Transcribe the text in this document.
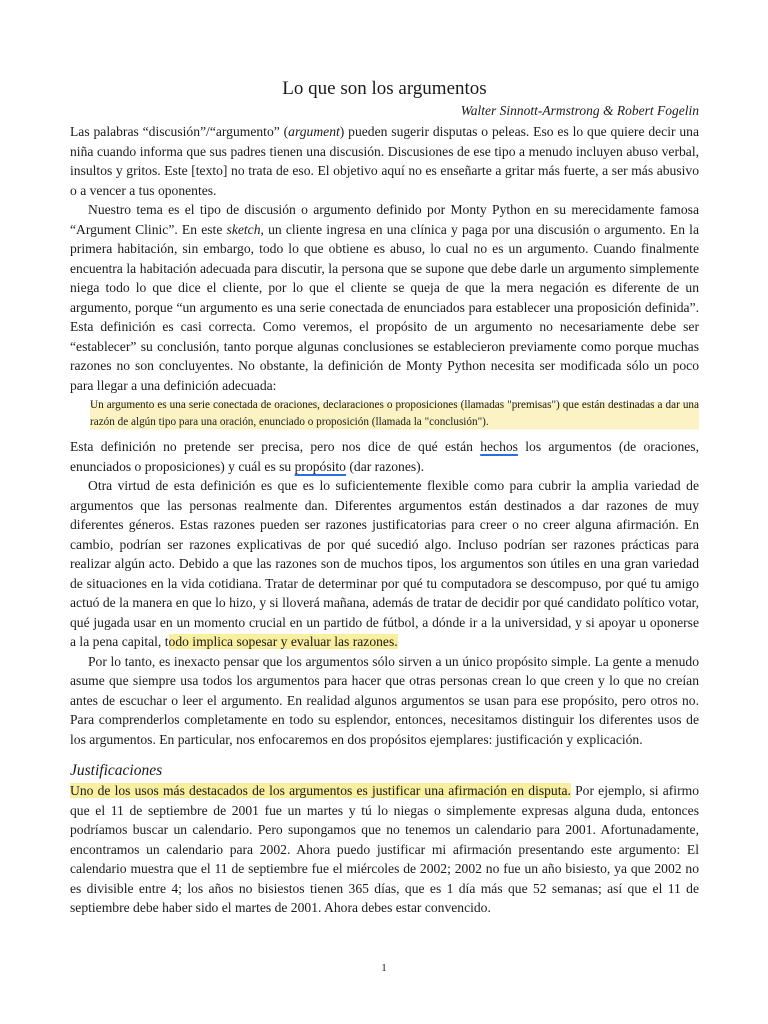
Lo que son los argumentos
Walter Sinnott-Armstrong & Robert Fogelin

Las palabras “discusión”/“argumento” (argument) pueden sugerir disputas o peleas. Eso es lo que quiere decir una niña cuando informa que sus padres tienen una discusión. Discusiones de ese tipo a menudo incluyen abuso verbal, insultos y gritos. Este [texto] no trata de eso. El objetivo aquí no es enseñarte a gritar más fuerte, a ser más abusivo o a vencer a tus oponentes.

Nuestro tema es el tipo de discusión o argumento definido por Monty Python en su merecidamente famosa “Argument Clinic”. En este sketch, un cliente ingresa en una clínica y paga por una discusión o argumento. En la primera habitación, sin embargo, todo lo que obtiene es abuso, lo cual no es un argumento. Cuando finalmente encuentra la habitación adecuada para discutir, la persona que se supone que debe darle un argumento simplemente niega todo lo que dice el cliente, por lo que el cliente se queja de que la mera negación es diferente de un argumento, porque “un argumento es una serie conectada de enunciados para establecer una proposición definida”. Esta definición es casi correcta. Como veremos, el propósito de un argumento no necesariamente debe ser “establecer” su conclusión, tanto porque algunas conclusiones se establecieron previamente como porque muchas razones no son concluyentes. No obstante, la definición de Monty Python necesita ser modificada sólo un poco para llegar a una definición adecuada:

Un argumento es una serie conectada de oraciones, declaraciones o proposiciones (llamadas "premisas") que están destinadas a dar una razón de algún tipo para una oración, enunciado o proposición (llamada la "conclusión").

Esta definición no pretende ser precisa, pero nos dice de qué están hechos los argumentos (de oraciones, enunciados o proposiciones) y cuál es su propósito (dar razones).

Otra virtud de esta definición es que es lo suficientemente flexible como para cubrir la amplia variedad de argumentos que las personas realmente dan. Diferentes argumentos están destinados a dar razones de muy diferentes géneros. Estas razones pueden ser razones justificatorias para creer o no creer alguna afirmación. En cambio, podrían ser razones explicativas de por qué sucedió algo. Incluso podrían ser razones prácticas para realizar algún acto. Debido a que las razones son de muchos tipos, los argumentos son útiles en una gran variedad de situaciones en la vida cotidiana. Tratar de determinar por qué tu computadora se descompuso, por qué tu amigo actuó de la manera en que lo hizo, y si lloverá mañana, además de tratar de decidir por qué candidato político votar, qué jugada usar en un momento crucial en un partido de fútbol, a dónde ir a la universidad, y si apoyar u oponerse a la pena capital, todo implica sopesar y evaluar las razones.

Por lo tanto, es inexacto pensar que los argumentos sólo sirven a un único propósito simple. La gente a menudo asume que siempre usa todos los argumentos para hacer que otras personas crean lo que creen y lo que no creían antes de escuchar o leer el argumento. En realidad algunos argumentos se usan para ese propósito, pero otros no. Para comprenderlos completamente en todo su esplendor, entonces, necesitamos distinguir los diferentes usos de los argumentos. En particular, nos enfocaremos en dos propósitos ejemplares: justificación y explicación.

Justificaciones

Uno de los usos más destacados de los argumentos es justificar una afirmación en disputa. Por ejemplo, si afirmo que el 11 de septiembre de 2001 fue un martes y tú lo niegas o simplemente expresas alguna duda, entonces podríamos buscar un calendario. Pero supongamos que no tenemos un calendario para 2001. Afortunadamente, encontramos un calendario para 2002. Ahora puedo justificar mi afirmación presentando este argumento: El calendario muestra que el 11 de septiembre fue el miércoles de 2002; 2002 no fue un año bisiesto, ya que 2002 no es divisible entre 4; los años no bisiestos tienen 365 días, que es 1 día más que 52 semanas; así que el 11 de septiembre debe haber sido el martes de 2001. Ahora debes estar convencido.

1
